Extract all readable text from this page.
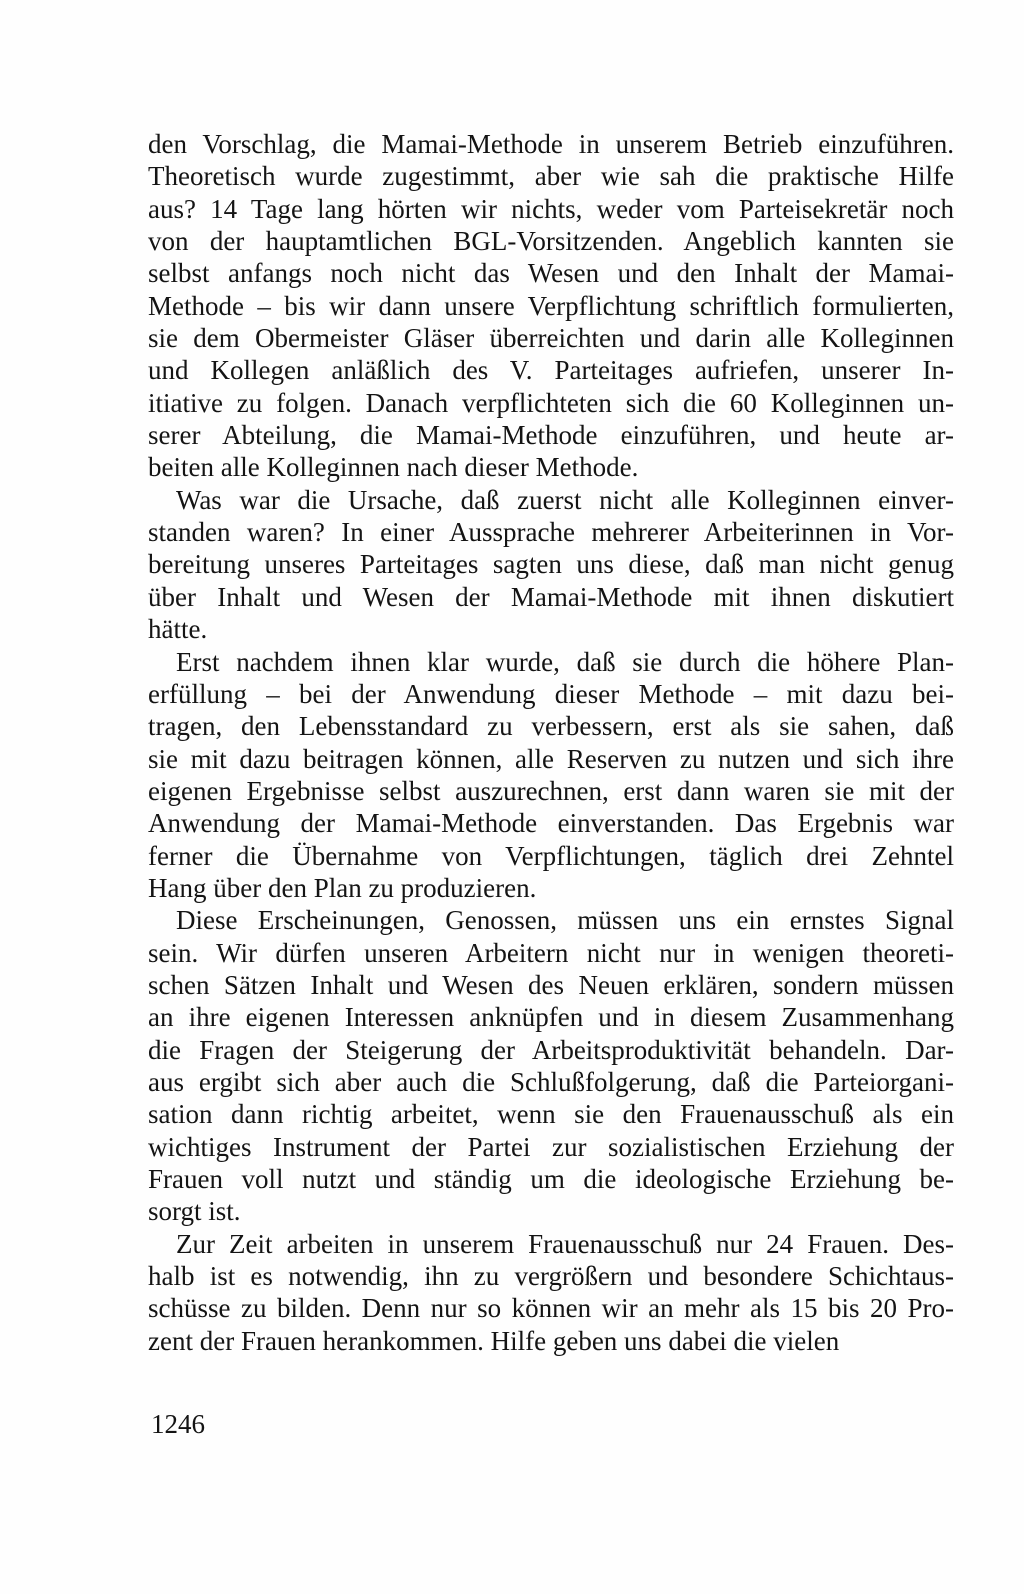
den Vorschlag, die Mamai-Methode in unserem Betrieb einzuführen.
Theoretisch wurde zugestimmt, aber wie sah die praktische Hilfe
aus? 14 Tage lang hörten wir nichts, weder vom Parteisekretär noch
von der hauptamtlichen BGL-Vorsitzenden. Angeblich kannten sie
selbst anfangs noch nicht das Wesen und den Inhalt der Mamai-
Methode – bis wir dann unsere Verpflichtung schriftlich formulierten,
sie dem Obermeister Gläser überreichten und darin alle Kolleginnen
und Kollegen anläßlich des V. Parteitages aufriefen, unserer In-
itiative zu folgen. Danach verpflichteten sich die 60 Kolleginnen un-
serer Abteilung, die Mamai-Methode einzuführen, und heute ar-
beiten alle Kolleginnen nach dieser Methode.

Was war die Ursache, daß zuerst nicht alle Kolleginnen einver-
standen waren? In einer Aussprache mehrerer Arbeiterinnen in Vor-
bereitung unseres Parteitages sagten uns diese, daß man nicht genug
über Inhalt und Wesen der Mamai-Methode mit ihnen diskutiert
hätte.

Erst nachdem ihnen klar wurde, daß sie durch die höhere Plan-
erfüllung – bei der Anwendung dieser Methode – mit dazu bei-
tragen, den Lebensstandard zu verbessern, erst als sie sahen, daß
sie mit dazu beitragen können, alle Reserven zu nutzen und sich ihre
eigenen Ergebnisse selbst auszurechnen, erst dann waren sie mit der
Anwendung der Mamai-Methode einverstanden. Das Ergebnis war
ferner die Übernahme von Verpflichtungen, täglich drei Zehntel
Hang über den Plan zu produzieren.

Diese Erscheinungen, Genossen, müssen uns ein ernstes Signal
sein. Wir dürfen unseren Arbeitern nicht nur in wenigen theoreti-
schen Sätzen Inhalt und Wesen des Neuen erklären, sondern müssen
an ihre eigenen Interessen anknüpfen und in diesem Zusammenhang
die Fragen der Steigerung der Arbeitsproduktivität behandeln. Dar-
aus ergibt sich aber auch die Schlußfolgerung, daß die Parteiorgani-
sation dann richtig arbeitet, wenn sie den Frauenausschuß als ein
wichtiges Instrument der Partei zur sozialistischen Erziehung der
Frauen voll nutzt und ständig um die ideologische Erziehung be-
sorgt ist.

Zur Zeit arbeiten in unserem Frauenausschuß nur 24 Frauen. Des-
halb ist es notwendig, ihn zu vergrößern und besondere Schichtaus-
schüsse zu bilden. Denn nur so können wir an mehr als 15 bis 20 Pro-
zent der Frauen herankommen. Hilfe geben uns dabei die vielen

1246
